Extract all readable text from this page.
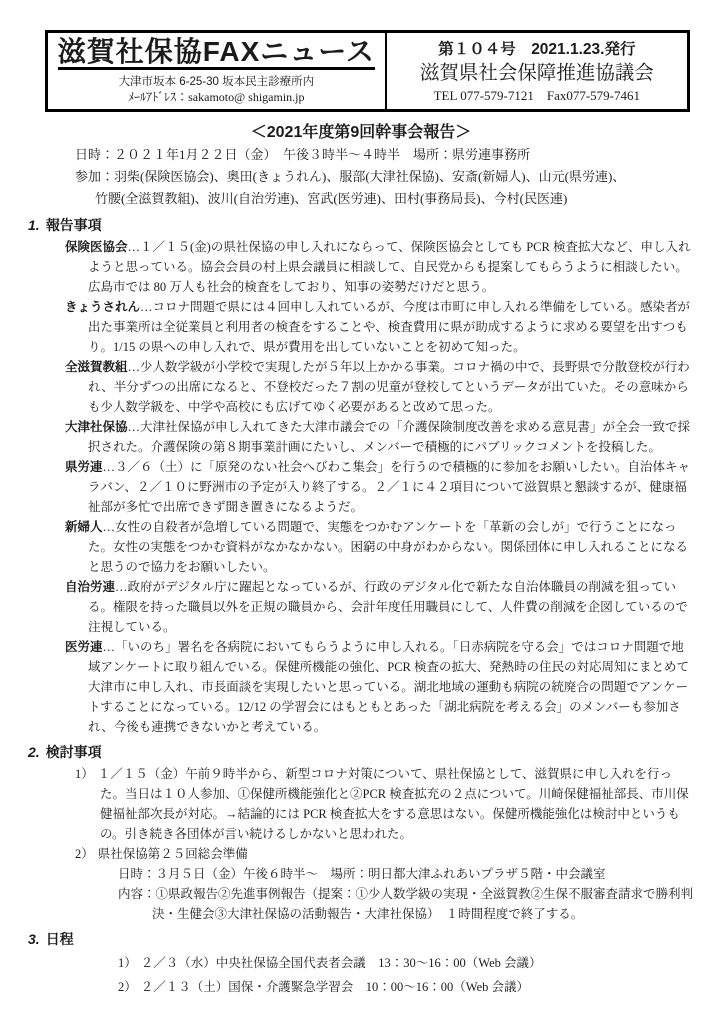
滋賀社保協FAXニュース
大津市坂本 6-25-30 坂本民主診療所内
ﾒｰﾙｱﾄﾞﾚｽ：sakamoto@ shigamin.jp
第１０４号　2021.1.23.発行
滋賀県社会保障推進協議会
TEL 077-579-7121　Fax077-579-7461
＜2021年度第9回幹事会報告＞
日時：２０２１年1月２２日（金）　午後３時半～４時半　場所：県労連事務所
参加：羽柴(保険医協会)、奥田(きょうれん)、服部(大津社保協)、安斎(新婦人)、山元(県労連)、
竹腰(全滋賀教組)、波川(自治労連)、宮武(医労連)、田村(事務局長)、今村(民医連)
1. 報告事項

保険医協会…１／１５(金)の県社保協の申し入れにならって、保険医協会としても PCR 検査拡大など、申し入れようと思っている。協会会員の村上県会議員に相談して、自民党からも提案してもらうように相談したい。広島市では 80 万人も社会的検査をしており、知事の姿勢だけだと思う。

きょうされん…コロナ問題で県には４回申し入れているが、今度は市町に申し入れる準備をしている。感染者が出た事業所は全従業員と利用者の検査をすることや、検査費用に県が助成するように求める要望を出すつもり。1/15 の県への申し入れで、県が費用を出していないことを初めて知った。

全滋賀教組…少人数学級が小学校で実現したが５年以上かかる事業。コロナ禍の中で、長野県で分散登校が行われ、半分ずつの出席になると、不登校だった７割の児童が登校してというデータが出ていた。その意味からも少人数学級を、中学や高校にも広げてゆく必要があると改めて思った。

大津社保協…大津社保協が申し入れてきた大津市議会での「介護保険制度改善を求める意見書」が全会一致で採択された。介護保険の第８期事業計画にたいし、メンバーで積極的にパブリックコメントを投稿した。

県労連…３／６（土）に「原発のない社会へびわこ集会」を行うので積極的に参加をお願いしたい。自治体キャラバン、２／１０に野洲市の予定が入り終了する。２／１に４２項目について滋賀県と懇談するが、健康福祉部が多忙で出席できず聞き置きになるようだ。

新婦人…女性の自殺者が急増している問題で、実態をつかむアンケートを「革新の会しが」で行うことになった。女性の実態をつかむ資料がなかなかない。困窮の中身がわからない。関係団体に申し入れることになると思うので協力をお願いしたい。

自治労連…政府がデジタル庁に躍起となっているが、行政のデジタル化で新たな自治体職員の削減を狙っている。権限を持った職員以外を正規の職員から、会計年度任用職員にして、人件費の削減を企図しているので注視している。

医労連…「いのち」署名を各病院においてもらうように申し入れる。「日赤病院を守る会」ではコロナ問題で地域アンケートに取り組んでいる。保健所機能の強化、PCR 検査の拡大、発熱時の住民の対応周知にまとめて大津市に申し入れ、市長面談を実現したいと思っている。湖北地域の運動も病院の統廃合の問題でアンケートすることになっている。12/12 の学習会にはもともとあった「湖北病院を考える会」のメンバーも参加され、今後も連携できないかと考えている。

2. 検討事項

1） １／１５（金）午前９時半から、新型コロナ対策について、県社保協として、滋賀県に申し入れを行った。当日は１０人参加、①保健所機能強化と②PCR 検査拡充の２点について。川崎保健福祉部長、市川保健福祉部次長が対応。→結論的には PCR 検査拡大をする意思はない。保健所機能強化は検討中というもの。引き続き各団体が言い続けるしかないと思われた。

2） 県社保協第２５回総会準備

日時：３月５日（金）午後６時半～　場所：明日都大津ふれあいプラザ５階・中会議室

内容：①県政報告②先進事例報告（提案：①少人数学級の実現・全滋賀教②生保不服審査請求で勝利判決・生健会③大津社保協の活動報告・大津社保協）　１時間程度で終了する。

3. 日程

1） ２／３（水）中央社保協全国代表者会議　13：30～16：00（Web 会議）

2） ２／１３（土）国保・介護緊急学習会　10：00～16：00（Web 会議）
